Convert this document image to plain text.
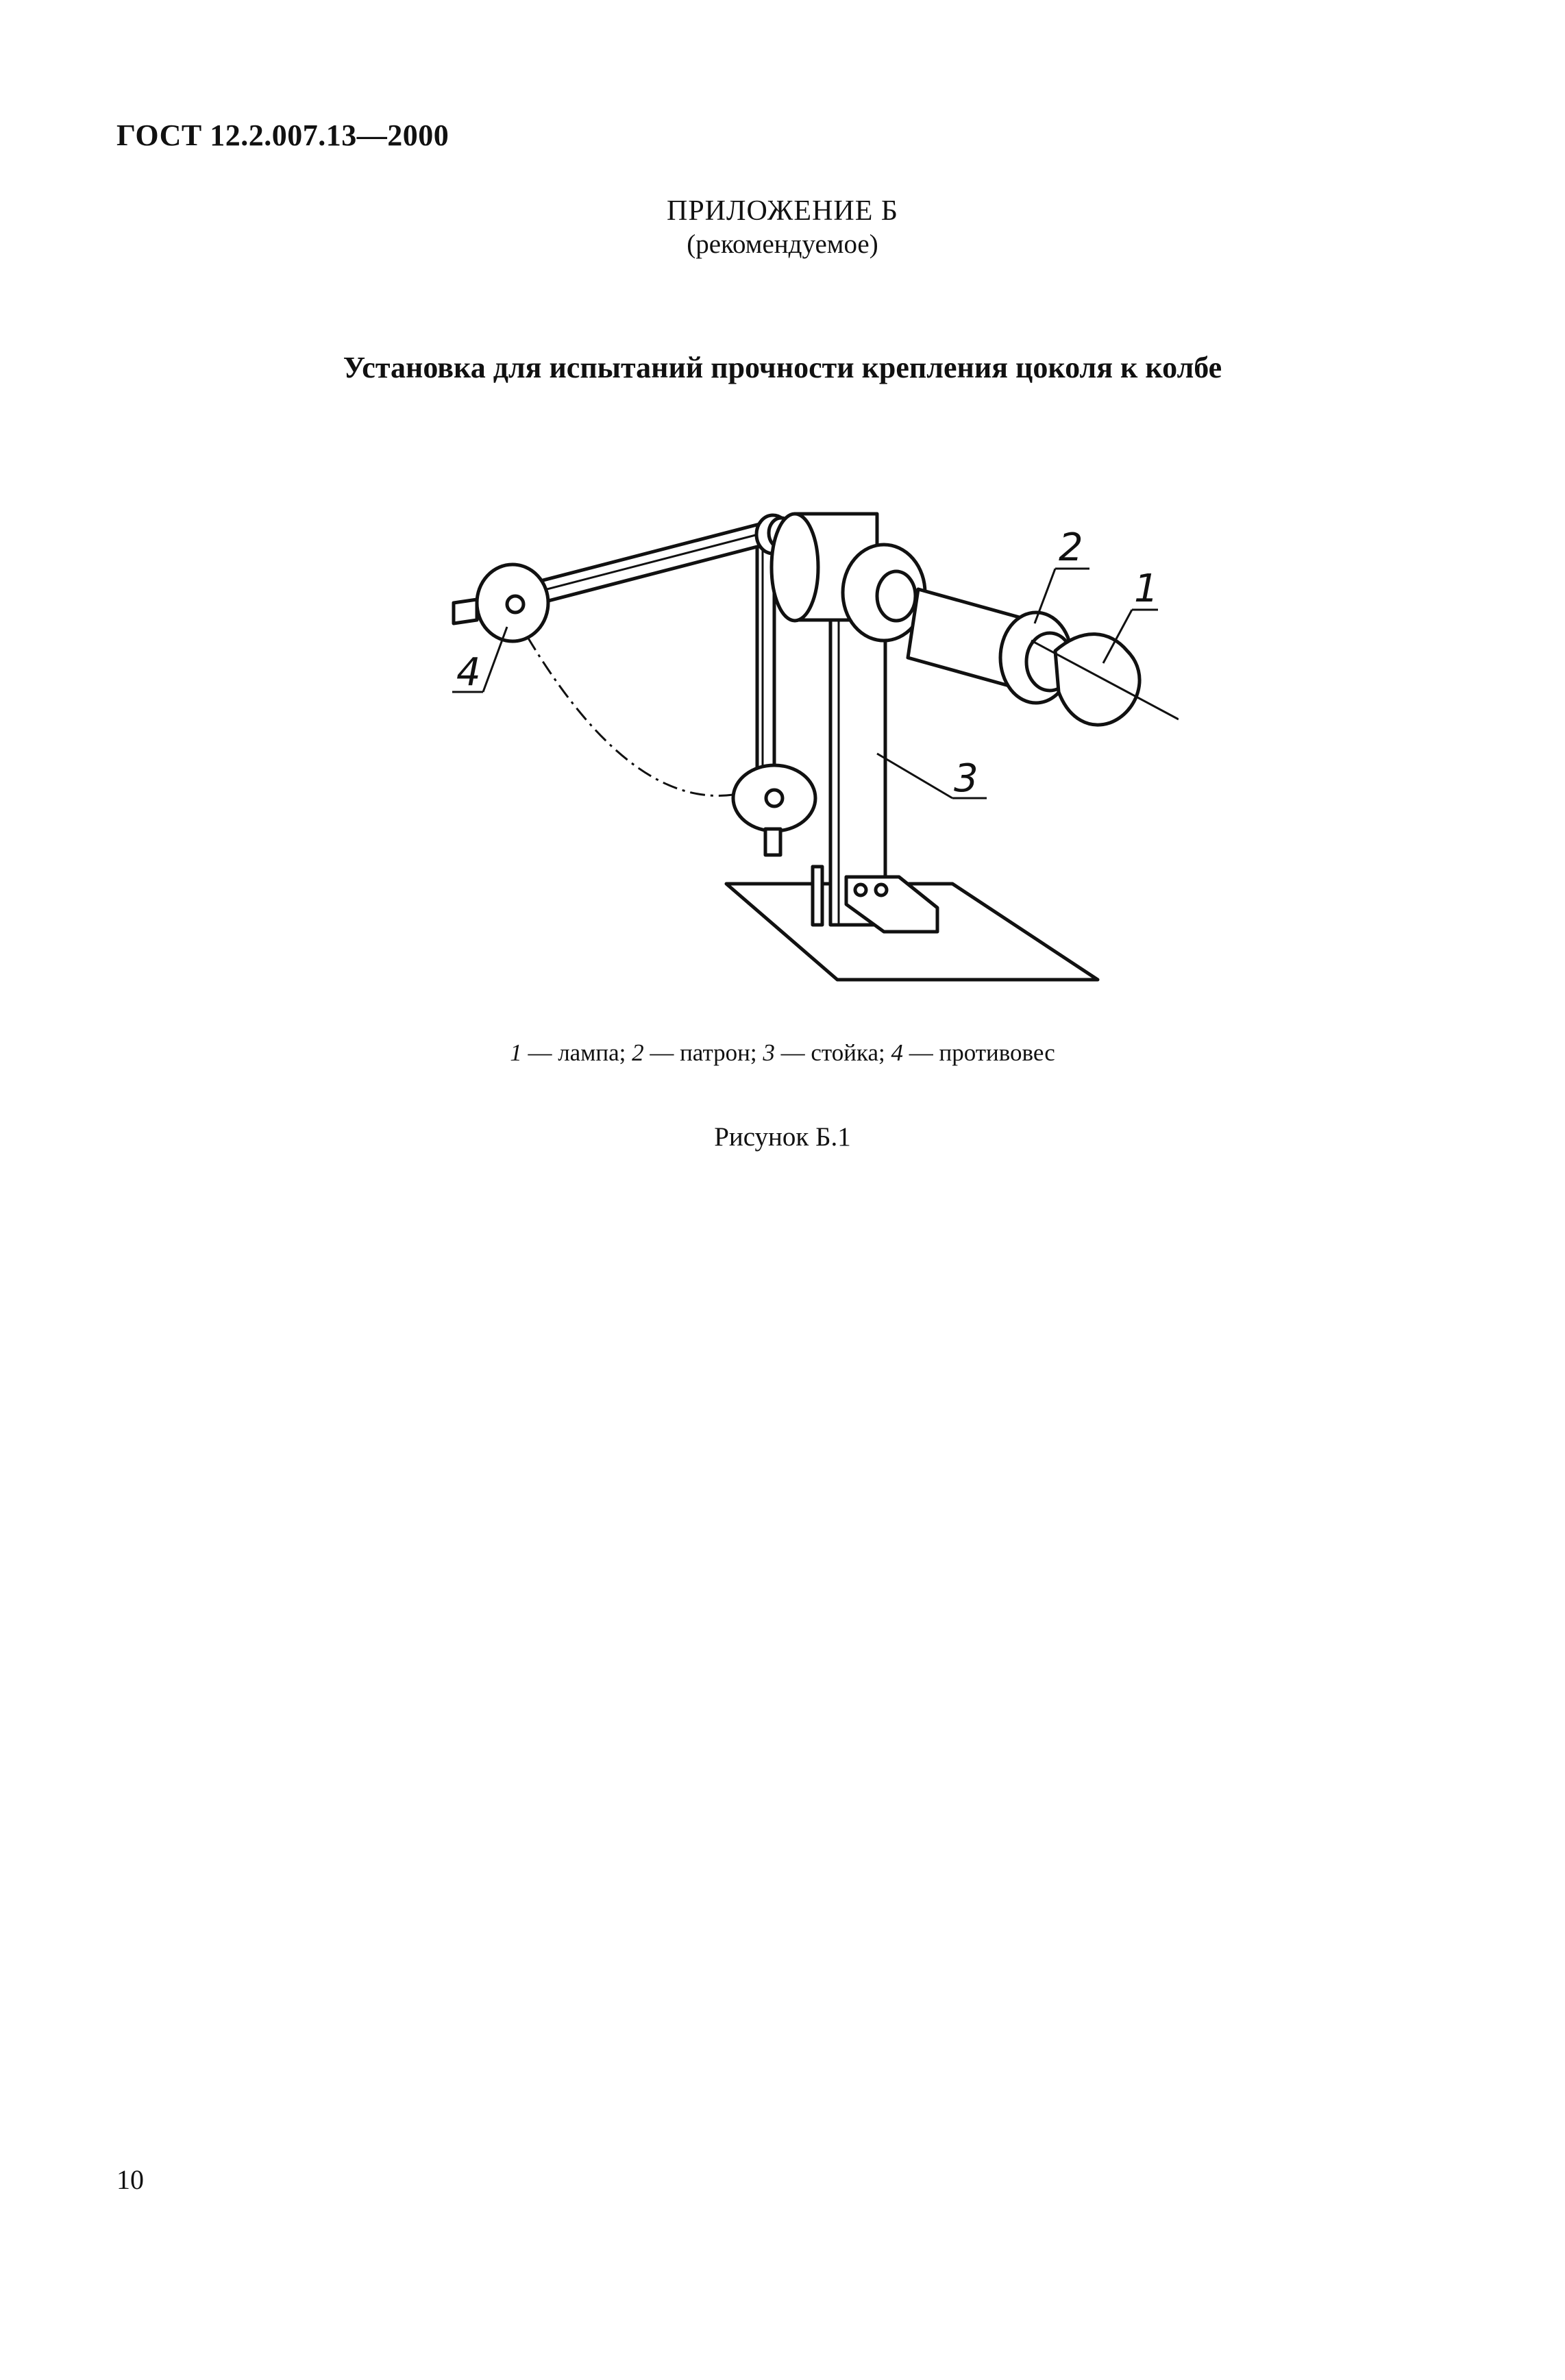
ГОСТ 12.2.007.13—2000
ПРИЛОЖЕНИЕ Б
(рекомендуемое)
Установка для испытаний прочности крепления цоколя к колбе
2
1
3
4
1 — лампа; 2 — патрон; 3 — стойка; 4 — противовес
Рисунок Б.1
10
